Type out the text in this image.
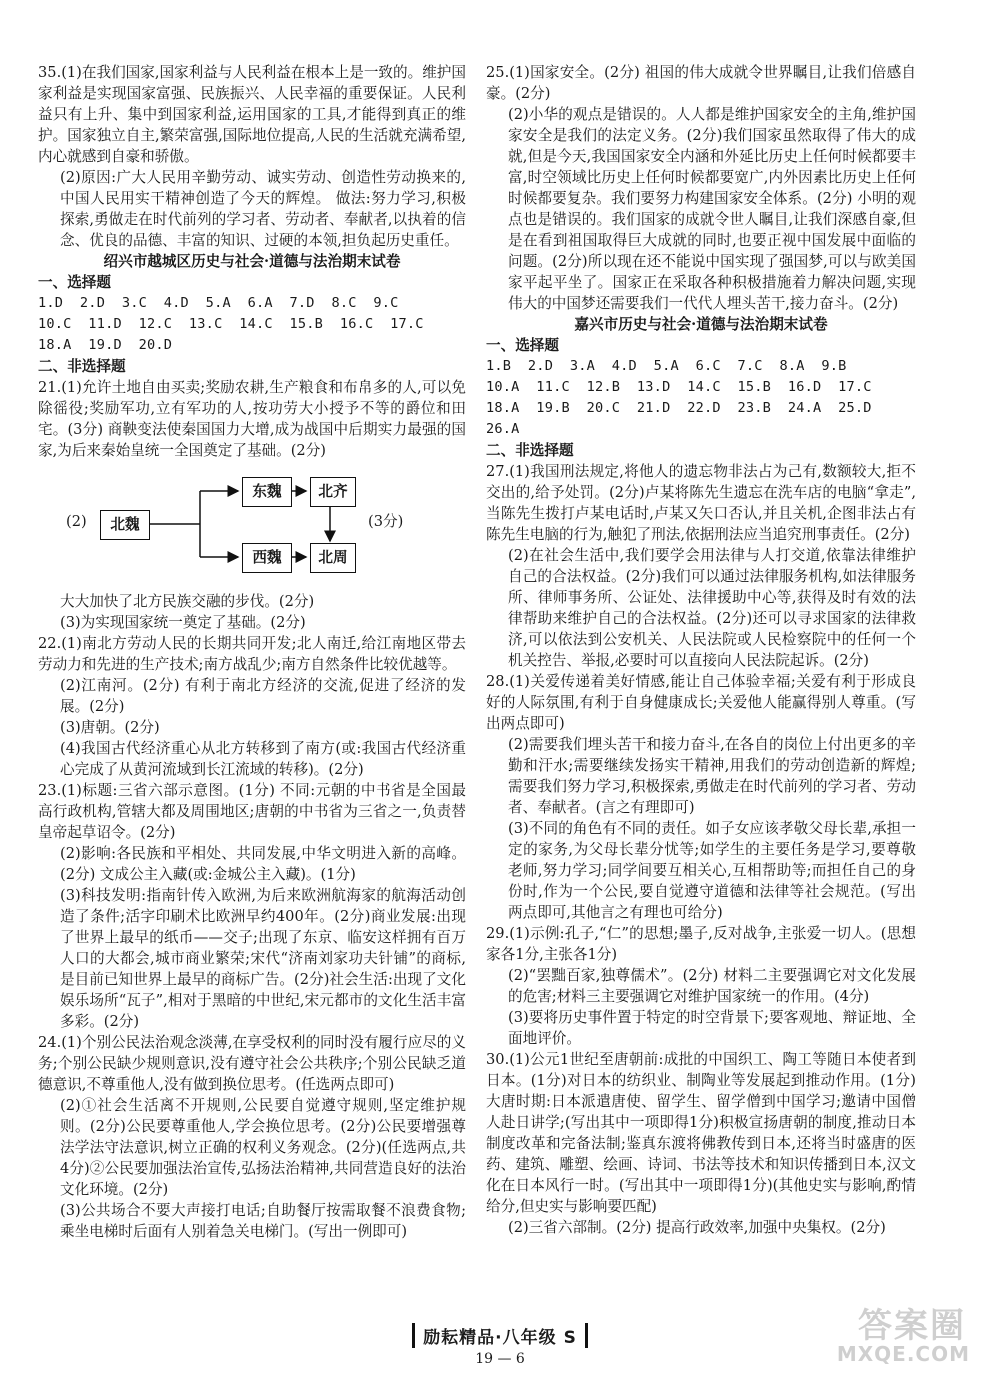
35.(1)在我们国家,国家利益与人民利益在根本上是一致的。维护国家利益是实现国家富强、民族振兴、人民幸福的重要保证。人民利益只有上升、集中到国家利益,运用国家的工具,才能得到真正的维护。国家独立自主,繁荣富强,国际地位提高,人民的生活就充满希望,内心就感到自豪和骄傲。

(2)原因:广大人民用辛勤劳动、诚实劳动、创造性劳动换来的,中国人民用实干精神创造了今天的辉煌。 做法:努力学习,积极探索,勇做走在时代前列的学习者、劳动者、奉献者,以执着的信念、优良的品德、丰富的知识、过硬的本领,担负起历史重任。

绍兴市越城区历史与社会·道德与法治期末试卷

一、选择题

1.D  2.D  3.C  4.D  5.A  6.A  7.D  8.C  9.C

10.C  11.D  12.C  13.C  14.C  15.B  16.C  17.C

18.A  19.D  20.D

二、非选择题

21.(1)允许土地自由买卖;奖励农耕,生产粮食和布帛多的人,可以免除徭役;奖励军功,立有军功的人,按功劳大小授予不等的爵位和田宅。(3分) 商鞅变法使秦国国力大增,成为战国中后期实力最强的国家,为后来秦始皇统一全国奠定了基础。(2分)

(2)	北魏
东魏	北齐
西魏	北周
(3分)

大大加快了北方民族交融的步伐。(2分)

(3)为实现国家统一奠定了基础。(2分)

22.(1)南北方劳动人民的长期共同开发;北人南迁,给江南地区带去劳动力和先进的生产技术;南方战乱少;南方自然条件比较优越等。

(2)江南河。(2分) 有利于南北方经济的交流,促进了经济的发展。(2分)

(3)唐朝。(2分)

(4)我国古代经济重心从北方转移到了南方(或:我国古代经济重心完成了从黄河流域到长江流域的转移)。(2分)

23.(1)标题:三省六部示意图。(1分) 不同:元朝的中书省是全国最高行政机构,管辖大都及周围地区;唐朝的中书省为三省之一,负责替皇帝起草诏令。(2分)

(2)影响:各民族和平相处、共同发展,中华文明进入新的高峰。(2分) 文成公主入藏(或:金城公主入藏)。(1分)

(3)科技发明:指南针传入欧洲,为后来欧洲航海家的航海活动创造了条件;活字印刷术比欧洲早约400年。(2分)商业发展:出现了世界上最早的纸币——交子;出现了东京、临安这样拥有百万人口的大都会,城市商业繁荣;宋代“济南刘家功夫针铺”的商标,是目前已知世界上最早的商标广告。(2分)社会生活:出现了文化娱乐场所“瓦子”,相对于黑暗的中世纪,宋元都市的文化生活丰富多彩。(2分)

24.(1)个别公民法治观念淡薄,在享受权利的同时没有履行应尽的义务;个别公民缺少规则意识,没有遵守社会公共秩序;个别公民缺乏道德意识,不尊重他人,没有做到换位思考。(任选两点即可)

(2)①社会生活离不开规则,公民要自觉遵守规则,坚定维护规则。(2分)公民要尊重他人,学会换位思考。(2分)公民要增强尊法学法守法意识,树立正确的权利义务观念。(2分)(任选两点,共4分)②公民要加强法治宣传,弘扬法治精神,共同营造良好的法治文化环境。(2分)

(3)公共场合不要大声接打电话;自助餐厅按需取餐不浪费食物;乘坐电梯时后面有人别着急关电梯门。(写出一例即可)

25.(1)国家安全。(2分) 祖国的伟大成就令世界瞩目,让我们倍感自豪。(2分)

(2)小华的观点是错误的。人人都是维护国家安全的主角,维护国家安全是我们的法定义务。(2分)我们国家虽然取得了伟大的成就,但是今天,我国国家安全内涵和外延比历史上任何时候都要丰富,时空领域比历史上任何时候都要宽广,内外因素比历史上任何时候都要复杂。我们要努力构建国家安全体系。(2分) 小明的观点也是错误的。我们国家的成就令世人瞩目,让我们深感自豪,但是在看到祖国取得巨大成就的同时,也要正视中国发展中面临的问题。(2分)所以现在还不能说中国实现了强国梦,可以与欧美国家平起平坐了。国家正在采取各种积极措施着力解决问题,实现伟大的中国梦还需要我们一代代人埋头苦干,接力奋斗。(2分)

嘉兴市历史与社会·道德与法治期末试卷

一、选择题

1.B  2.D  3.A  4.D  5.A  6.C  7.C  8.A  9.B

10.A  11.C  12.B  13.D  14.C  15.B  16.D  17.C

18.A  19.B  20.C  21.D  22.D  23.B  24.A  25.D

26.A

二、非选择题

27.(1)我国刑法规定,将他人的遗忘物非法占为己有,数额较大,拒不交出的,给予处罚。(2分)卢某将陈先生遗忘在洗车店的电脑“拿走”,当陈先生拨打卢某电话时,卢某又矢口否认,并且关机,企图非法占有陈先生电脑的行为,触犯了刑法,依据刑法应当追究刑事责任。(2分)

(2)在社会生活中,我们要学会用法律与人打交道,依靠法律维护自己的合法权益。(2分)我们可以通过法律服务机构,如法律服务所、律师事务所、公证处、法律援助中心等,获得及时有效的法律帮助来维护自己的合法权益。(2分)还可以寻求国家的法律救济,可以依法到公安机关、人民法院或人民检察院中的任何一个机关控告、举报,必要时可以直接向人民法院起诉。(2分)

28.(1)关爱传递着美好情感,能让自己体验幸福;关爱有利于形成良好的人际氛围,有利于自身健康成长;关爱他人能赢得别人尊重。(写出两点即可)

(2)需要我们埋头苦干和接力奋斗,在各自的岗位上付出更多的辛勤和汗水;需要继续发扬实干精神,用我们的劳动创造新的辉煌;需要我们努力学习,积极探索,勇做走在时代前列的学习者、劳动者、奉献者。(言之有理即可)

(3)不同的角色有不同的责任。如子女应该孝敬父母长辈,承担一定的家务,为父母长辈分忧等;如学生的主要任务是学习,要尊敬老师,努力学习;同学间要互相关心,互相帮助等;而担任自己的身份时,作为一个公民,要自觉遵守道德和法律等社会规范。(写出两点即可,其他言之有理也可给分)

29.(1)示例:孔子,“仁”的思想;墨子,反对战争,主张爱一切人。(思想家各1分,主张各1分)

(2)“罢黜百家,独尊儒术”。(2分) 材料二主要强调它对文化发展的危害;材料三主要强调它对维护国家统一的作用。(4分)

(3)要将历史事件置于特定的时空背景下;要客观地、辩证地、全面地评价。

30.(1)公元1世纪至唐朝前:成批的中国织工、陶工等随日本使者到日本。(1分)对日本的纺织业、制陶业等发展起到推动作用。(1分)大唐时期:日本派遣唐使、留学生、留学僧到中国学习;邀请中国僧人赴日讲学;(写出其中一项即得1分)积极宣扬唐朝的制度,推动日本制度改革和完备法制;鉴真东渡将佛教传到日本,还将当时盛唐的医药、建筑、雕塑、绘画、诗词、书法等技术和知识传播到日本,汉文化在日本风行一时。(写出其中一项即得1分)(其他史实与影响,酌情给分,但史实与影响要匹配)

(2)三省六部制。(2分) 提高行政效率,加强中央集权。(2分)

励耘精品·八年级 S
19 — 6
答案圈
MXQE.COM
